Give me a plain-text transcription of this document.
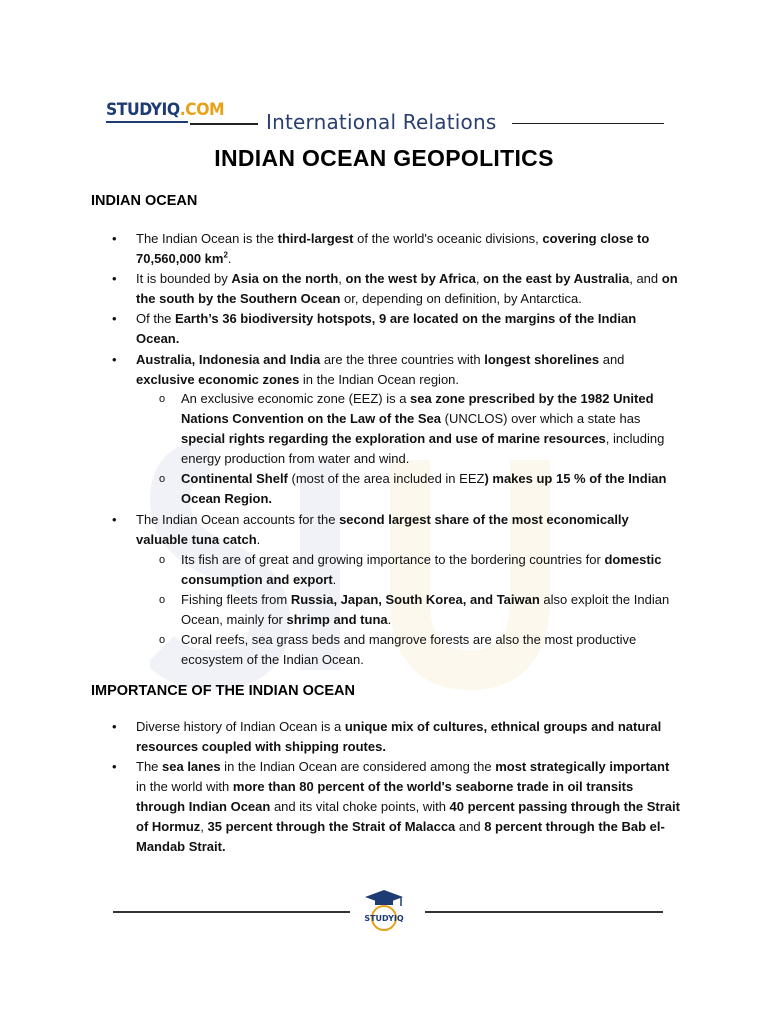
STUDYIQ.COM International Relations
INDIAN OCEAN GEOPOLITICS
INDIAN OCEAN
• The Indian Ocean is the third-largest of the world's oceanic divisions, covering close to 70,560,000 $km^2$.
• It is bounded by Asia on the north, on the west by Africa, on the east by Australia, and on the south by the Southern Ocean or, depending on definition, by Antarctica.
• Of the Earth’s 36 biodiversity hotspots, 9 are located on the margins of the Indian Ocean.
• Australia, Indonesia and India are the three countries with longest shorelines and exclusive economic zones in the Indian Ocean region.
o An exclusive economic zone (EEZ) is a sea zone prescribed by the 1982 United Nations Convention on the Law of the Sea (UNCLOS) over which a state has special rights regarding the exploration and use of marine resources, including energy production from water and wind.
o Continental Shelf (most of the area included in EEZ) makes up 15 % of the Indian Ocean Region.
• The Indian Ocean accounts for the second largest share of the most economically valuable tuna catch.
o Its fish are of great and growing importance to the bordering countries for domestic consumption and export.
o Fishing fleets from Russia, Japan, South Korea, and Taiwan also exploit the Indian Ocean, mainly for shrimp and tuna.
o Coral reefs, sea grass beds and mangrove forests are also the most productive ecosystem of the Indian Ocean.
IMPORTANCE OF THE INDIAN OCEAN
• Diverse history of Indian Ocean is a unique mix of cultures, ethnical groups and natural resources coupled with shipping routes.
• The sea lanes in the Indian Ocean are considered among the most strategically important in the world with more than 80 percent of the world's seaborne trade in oil transits through Indian Ocean and its vital choke points, with 40 percent passing through the Strait of Hormuz, 35 percent through the Strait of Malacca and 8 percent through the Bab el-Mandab Strait.
STUDYIQ
